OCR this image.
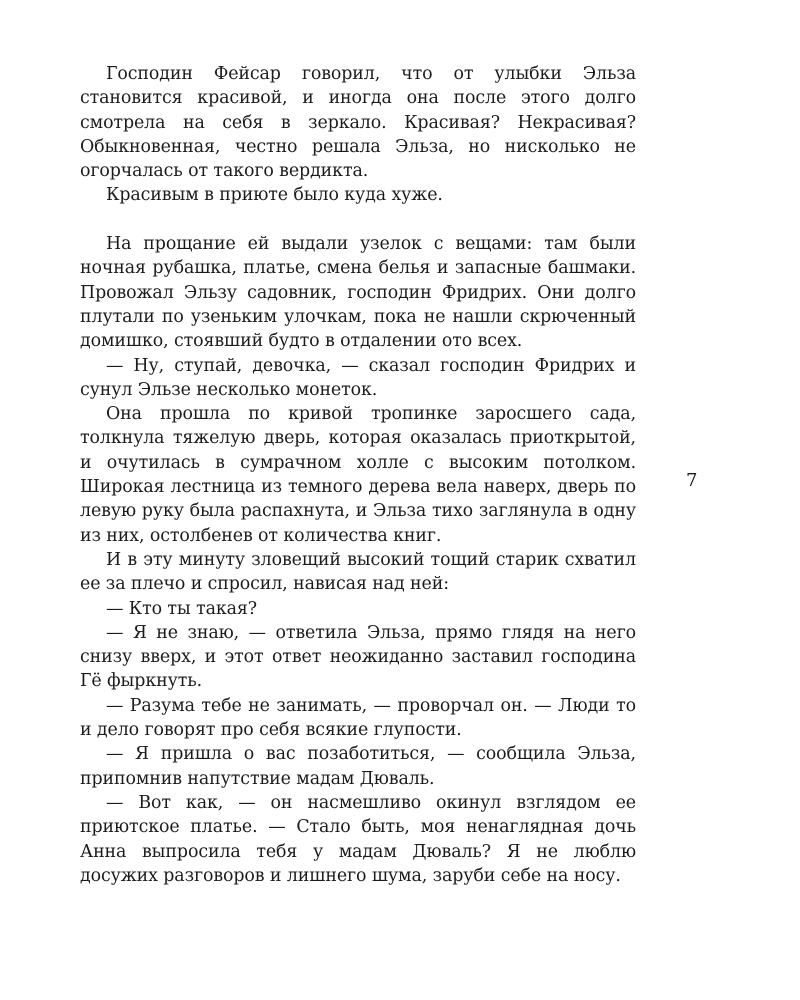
Господин Фейсар говорил, что от улыбки Эльза становится красивой, и иногда она после этого долго смотрела на себя в зеркало. Красивая? Некрасивая? Обыкновенная, честно решала Эльза, но нисколько не огорчалась от такого вердикта.

Красивым в приюте было куда хуже.

На прощание ей выдали узелок с вещами: там были ночная рубашка, платье, смена белья и запасные башмаки. Провожал Эльзу садовник, господин Фридрих. Они долго плутали по узеньким улочкам, пока не нашли скрюченный домишко, стоявший будто в отдалении ото всех.

— Ну, ступай, девочка, — сказал господин Фридрих и сунул Эльзе несколько монеток.

Она прошла по кривой тропинке заросшего сада, толкнула тяжелую дверь, которая оказалась приоткрытой, и очутилась в сумрачном холле с высоким потолком. Широкая лестница из темного дерева вела наверх, дверь по левую руку была распахнута, и Эльза тихо заглянула в одну из них, остолбенев от количества книг.

И в эту минуту зловещий высокий тощий старик схватил ее за плечо и спросил, нависая над ней:

— Кто ты такая?

— Я не знаю, — ответила Эльза, прямо глядя на него снизу вверх, и этот ответ неожиданно заставил господина Гё фыркнуть.

— Разума тебе не занимать, — проворчал он. — Люди то и дело говорят про себя всякие глупости.

— Я пришла о вас позаботиться, — сообщила Эльза, припомнив напутствие мадам Дюваль.

— Вот как, — он насмешливо окинул взглядом ее приютское платье. — Стало быть, моя ненаглядная дочь Анна выпросила тебя у мадам Дюваль? Я не люблю досужих разговоров и лишнего шума, заруби себе на носу.

7
